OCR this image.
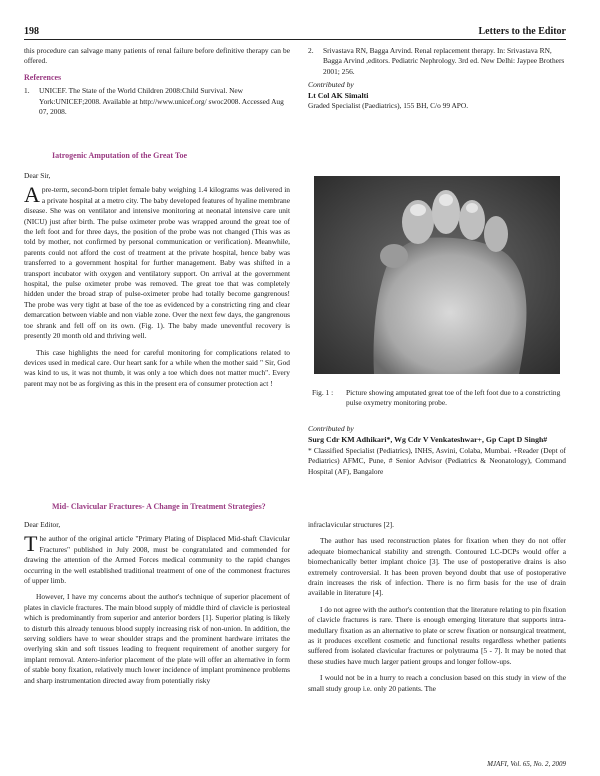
198	Letters to the Editor

this procedure can salvage many patients of renal failure before definitive therapy can be offered.

References
1.	UNICEF. The State of the World Children 2008:Child Survival. New York:UNICEF;2008. Available at http://www.unicef.org/ swoc2008. Accessed Aug 07, 2008.
2.	Srivastava RN, Bagga Arvind. Renal replacement therapy. In: Srivastava RN, Bagga Arvind ,editors. Pediatric Nephrology. 3rd ed. New Delhi: Jaypee Brothers 2001; 256.
Contributed by
Lt Col AK Simalti
Graded Specialist (Paediatrics), 155 BH, C/o 99 APO.
Iatrogenic Amputation of the Great Toe

Dear Sir,

Apre-term, second-born triplet female baby weighing 1.4 kilograms was delivered in a private hospital at a metro city. The baby developed features of hyaline membrane disease. She was on ventilator and intensive monitoring at neonatal intensive care unit (NICU) just after birth. The pulse oximeter probe was wrapped around the great toe of the left foot and for three days, the position of the probe was not changed (This was as told by mother, not confirmed by personal communication or verification). Meanwhile, parents could not afford the cost of treatment at the private hospital, hence baby was transferred to a government hospital for further management. Baby was shifted in a transport incubator with oxygen and ventilatory support. On arrival at the government hospital, the pulse oximeter probe was removed. The great toe that was completely hidden under the broad strap of pulse-oximeter probe had totally become gangrenous! The probe was very tight at base of the toe as evidenced by a constricting ring and clear demarcation between viable and non viable zone. Over the next few days, the gangrenous toe shrank and fell off on its own. (Fig. 1). The baby made uneventful recovery is presently 20 month old and thriving well.

This case highlights the need for careful monitoring for complications related to devices used in medical care. Our heart sank for a while when the mother said " Sir, God was kind to us, it was not thumb, it was only a toe which does not matter much". Every parent may not be as forgiving as this in the present era of consumer protection act !

Fig. 1 :	Picture showing amputated great toe of the left foot due to a constricting pulse oxymetry monitoring probe.
Contributed by
Surg Cdr KM Adhikari*, Wg Cdr V Venkateshwar+, Gp Capt D Singh#
* Classified Specialist (Pediatrics), INHS, Asvini, Colaba, Mumbai. +Reader (Dept of Pediatrics) AFMC, Pune, # Senior Advisor (Pediatrics & Neonatology), Command Hospital (AF), Bangalore
Mid- Clavicular Fractures- A Change in Treatment Strategies?

Dear Editor,

The author of the original article "Primary Plating of Displaced Mid-shaft Clavicular Fractures" published in July 2008, must be congratulated and commended for drawing the attention of the Armed Forces medical community to the rapid changes occurring in the well established traditional treatment of one of the commonest fractures of upper limb.

However, I have my concerns about the author's technique of superior placement of plates in clavicle fractures. The main blood supply of middle third of clavicle is periosteal which is predominantly from superior and anterior borders [1]. Superior plating is likely to disturb this already tenuous blood supply increasing risk of non-union. In addition, the serving soldiers have to wear shoulder straps and the prominent hardware irritates the overlying skin and soft tissues leading to frequent requirement of another surgery for implant removal. Antero-inferior placement of the plate will offer an alternative in form of stable bony fixation, relatively much lower incidence of implant prominence problems and sharp instrumentation directed away from potentially risky

infraclavicular structures [2].

The author has used reconstruction plates for fixation when they do not offer adequate biomechanical stability and strength. Contoured LC-DCPs would offer a biomechanically better implant choice [3]. The use of postoperative drains is also extremely controversial. It has been proven beyond doubt that use of postoperative drain increases the risk of infection. There is no firm basis for the use of drain available in literature [4].

I do not agree with the author's contention that the literature relating to pin fixation of clavicle fractures is rare. There is enough emerging literature that supports intra-medullary fixation as an alternative to plate or screw fixation or nonsurgical treatment, as it produces excellent cosmetic and functional results regardless whether patients suffered from isolated clavicular fractures or polytrauma [5 - 7]. It may be noted that these studies have much larger patient groups and longer follow-ups.

I would not be in a hurry to reach a conclusion based on this study in view of the small study group i.e. only 20 patients. The

MJAFI, Vol. 65, No. 2, 2009
